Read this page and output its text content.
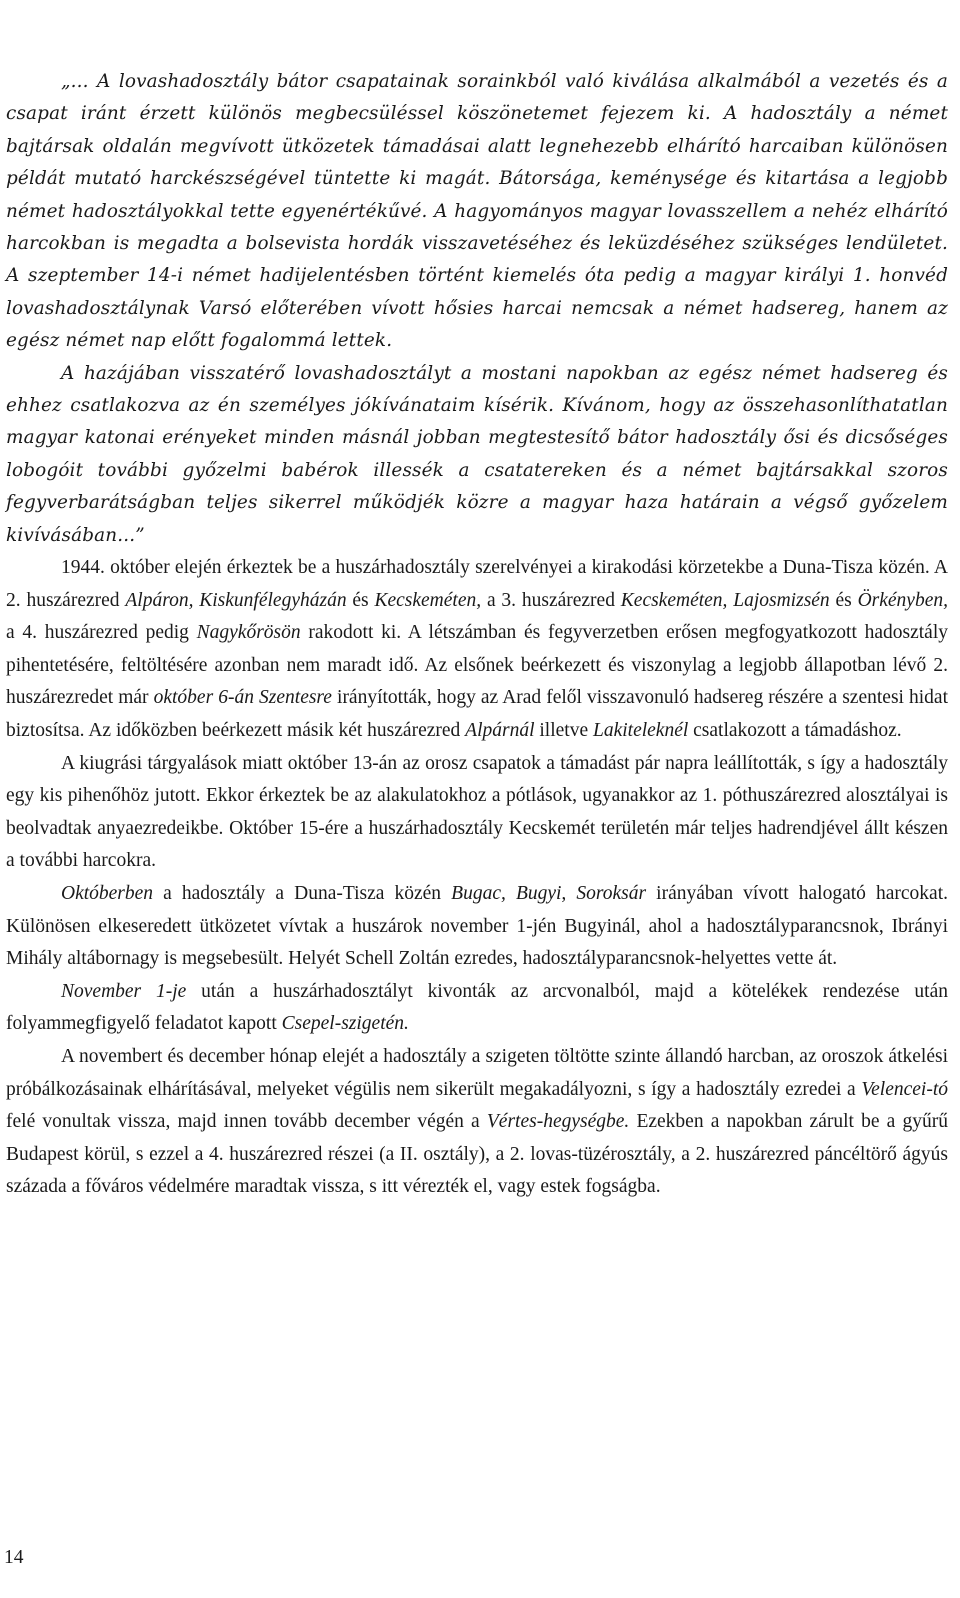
„... A lovashadosztály bátor csapatainak sorainkból való kiválása alkalmából a vezetés és a csapat iránt érzett különös megbecsüléssel köszönetemet fejezem ki. A hadosztály a német bajtársak oldalán megvívott ütközetek támadásai alatt legnehezebb elhárító harcaiban különösen példát mutató harckészségével tüntette ki magát. Bátorsága, keménysége és kitartása a legjobb német hadosztályokkal tette egyenértékűvé. A hagyományos magyar lovasszellem a nehéz elhárító harcokban is megadta a bolsevista hordák visszavetéséhez és leküzdéséhez szükséges lendületet. A szeptember 14-i német hadijelentésben történt kiemelés óta pedig a magyar királyi 1. honvéd lovashadosztálynak Varsó előterében vívott hősies harcai nemcsak a német hadsereg, hanem az egész német nap előtt fogalommá lettek.

A hazájában visszatérő lovashadosztályt a mostani napokban az egész német hadsereg és ehhez csatlakozva az én személyes jókívánataim kísérik. Kívánom, hogy az összehasonlíthatatlan magyar katonai erényeket minden másnál jobban megtestesítő bátor hadosztály ősi és dicsőséges lobogóit további győzelmi babérok illessék a csatatereken és a német bajtársakkal szoros fegyverbarátságban teljes sikerrel működjék közre a magyar haza határain a végső győzelem kivívásában...”

1944. október elején érkeztek be a huszárhadosztály szerelvényei a kirakodási körzetekbe a Duna-Tisza közén. A 2. huszárezred Alpáron, Kiskunfélegyházán és Kecskeméten, a 3. huszárezred Kecskeméten, Lajosmizsén és Örkényben, a 4. huszárezred pedig Nagykőrösön rakodott ki. A létszámban és fegyverzetben erősen megfogyatkozott hadosztály pihentetésére, feltöltésére azonban nem maradt idő. Az elsőnek beérkezett és viszonylag a legjobb állapotban lévő 2. huszárezredet már október 6-án Szentesre irányították, hogy az Arad felől visszavonuló hadsereg részére a szentesi hidat biztosítsa. Az időközben beérkezett másik két huszárezred Alpárnál illetve Lakiteleknél csatlakozott a támadáshoz.

A kiugrási tárgyalások miatt október 13-án az orosz csapatok a támadást pár napra leállították, s így a hadosztály egy kis pihenőhöz jutott. Ekkor érkeztek be az alakulatokhoz a pótlások, ugyanakkor az 1. póthuszárezred alosztályai is beolvadtak anyaezredeikbe. Október 15-ére a huszárhadosztály Kecskemét területén már teljes hadrendjével állt készen a további harcokra.

Októberben a hadosztály a Duna-Tisza közén Bugac, Bugyi, Soroksár irányában vívott halogató harcokat. Különösen elkeseredett ütközetet vívtak a huszárok november 1-jén Bugyinál, ahol a hadosztályparancsnok, Ibrányi Mihály altábornagy is megsebesült. Helyét Schell Zoltán ezredes, hadosztályparancsnok-helyettes vette át.

November 1-je után a huszárhadosztályt kivonták az arcvonalból, majd a kötelékek rendezése után folyammegfigyelő feladatot kapott Csepel-szigetén.

A novembert és december hónap elejét a hadosztály a szigeten töltötte szinte állandó harcban, az oroszok átkelési próbálkozásainak elhárításával, melyeket végülis nem sikerült megakadályozni, s így a hadosztály ezredei a Velencei-tó felé vonultak vissza, majd innen tovább december végén a Vértes-hegységbe. Ezekben a napokban zárult be a gyűrű Budapest körül, s ezzel a 4. huszárezred részei (a II. osztály), a 2. lovas-tüzérosztály, a 2. huszárezred páncéltörő ágyús százada a főváros védelmére maradtak vissza, s itt vérezték el, vagy estek fogságba.

14
